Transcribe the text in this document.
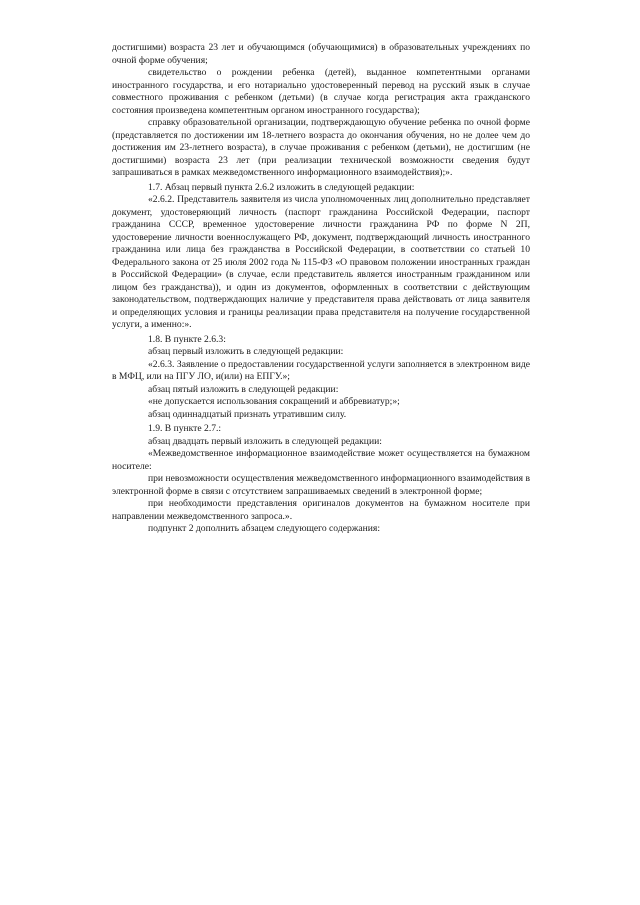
достигшими) возраста 23 лет и обучающимся (обучающимися) в образовательных учреждениях по очной форме обучения;

свидетельство о рождении ребенка (детей), выданное компетентными органами иностранного государства, и его нотариально удостоверенный перевод на русский язык в случае совместного проживания с ребенком (детьми) (в случае когда регистрация акта гражданского состояния произведена компетентным органом иностранного государства);

справку образовательной организации, подтверждающую обучение ребенка по очной форме (представляется по достижении им 18-летнего возраста до окончания обучения, но не долее чем до достижения им 23-летнего возраста), в случае проживания с ребенком (детьми), не достигшим (не достигшими) возраста 23 лет (при реализации технической возможности сведения будут запрашиваться в рамках межведомственного информационного взаимодействия);».

1.7. Абзац первый пункта 2.6.2 изложить в следующей редакции:

«2.6.2. Представитель заявителя из числа уполномоченных лиц дополнительно представляет документ, удостоверяющий личность (паспорт гражданина Российской Федерации, паспорт гражданина СССР, временное удостоверение личности гражданина РФ по форме N 2П, удостоверение личности военнослужащего РФ, документ, подтверждающий личность иностранного гражданина или лица без гражданства в Российской Федерации, в соответствии со статьей 10 Федерального закона от 25 июля 2002 года № 115-ФЗ «О правовом положении иностранных граждан в Российской Федерации» (в случае, если представитель является иностранным гражданином или лицом без гражданства)), и один из документов, оформленных в соответствии с действующим законодательством, подтверждающих наличие у представителя права действовать от лица заявителя и определяющих условия и границы реализации права представителя на получение государственной услуги, а именно:».

1.8. В пункте 2.6.3:

абзац первый изложить в следующей редакции:

«2.6.3. Заявление о предоставлении государственной услуги заполняется в электронном виде в МФЦ, или на ПГУ ЛО, и(или) на ЕПГУ.»;

абзац пятый изложить в следующей редакции:

«не допускается использования сокращений и аббревиатур;»;

абзац одиннадцатый признать утратившим силу.

1.9. В пункте 2.7.:

абзац двадцать первый изложить в следующей редакции:

«Межведомственное информационное взаимодействие может осуществляется на бумажном носителе:

при невозможности осуществления межведомственного информационного взаимодействия в электронной форме в связи с отсутствием запрашиваемых сведений в электронной форме;

при необходимости представления оригиналов документов на бумажном носителе при направлении межведомственного запроса.».

подпункт 2 дополнить абзацем следующего содержания:
